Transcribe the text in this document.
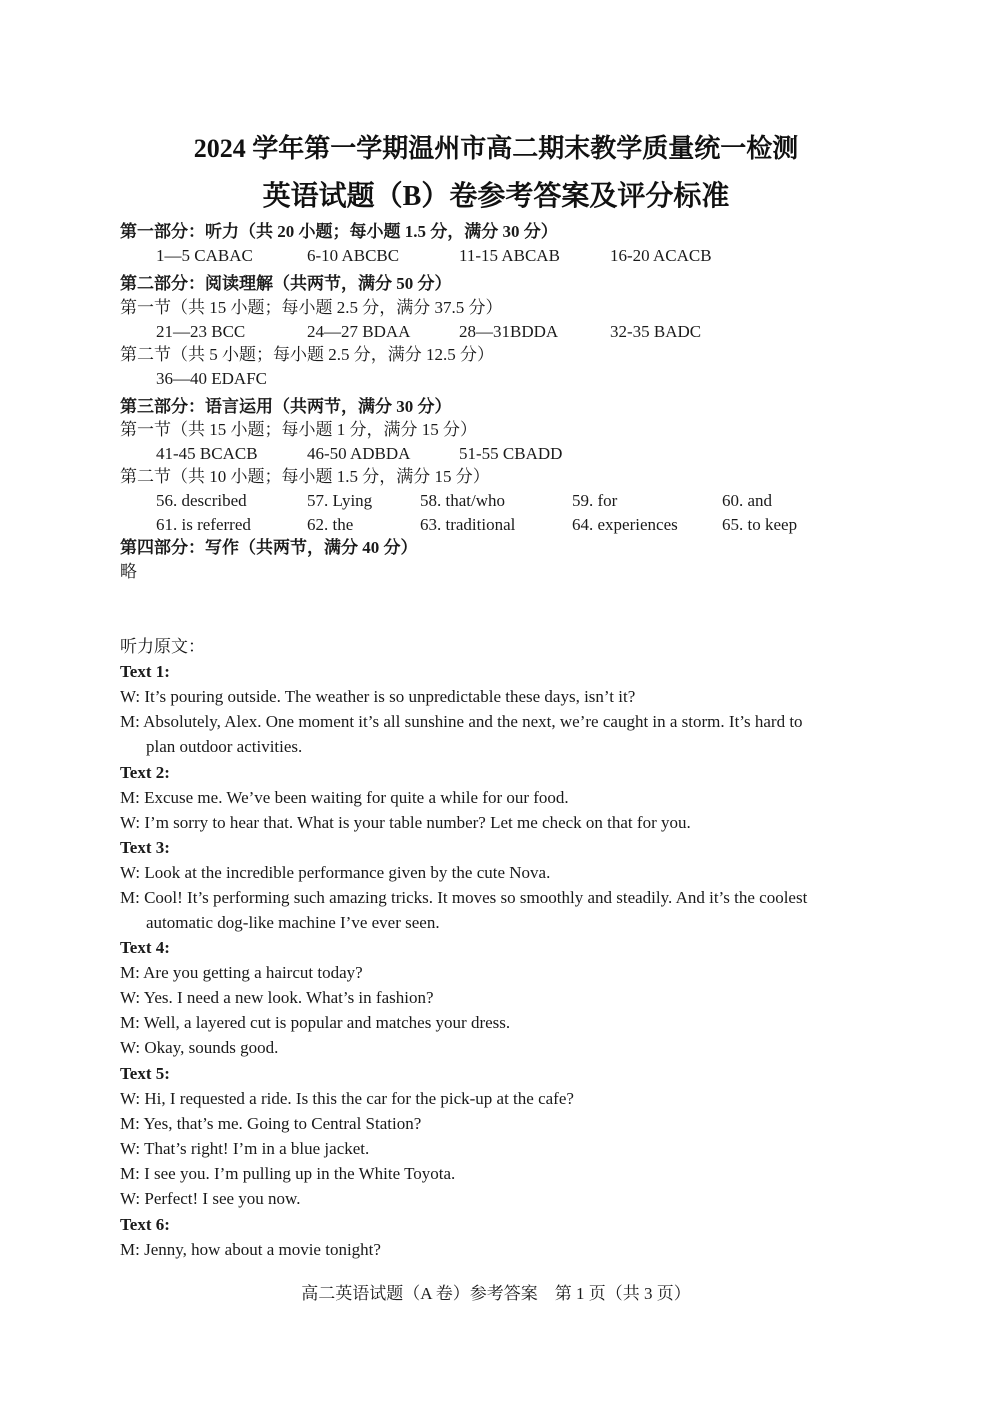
2024 学年第一学期温州市高二期末教学质量统一检测
英语试题（B）卷参考答案及评分标准
第一部分：听力（共 20 小题；每小题 1.5 分，满分 30 分）
1—5 CABAC	6-10 ABCBC	11-15 ABCAB	16-20 ACACB
第二部分：阅读理解（共两节，满分 50 分）
第一节（共 15 小题；每小题 2.5 分，满分 37.5 分）
21—23 BCC	24—27 BDAA	28—31BDDA	32-35 BADC
第二节（共 5 小题；每小题 2.5 分，满分 12.5 分）
36—40 EDAFC
第三部分：语言运用（共两节，满分 30 分）
第一节（共 15 小题；每小题 1 分，满分 15 分）
41-45 BCACB	46-50 ADBDA	51-55 CBADD
第二节（共 10 小题；每小题 1.5 分，满分 15 分）
56. described	57. Lying	58. that/who	59. for	60. and
61. is referred	62. the	63. traditional	64. experiences	65. to keep
第四部分：写作（共两节，满分 40 分）
略
听力原文：
Text 1:
W: It’s pouring outside. The weather is so unpredictable these days, isn’t it?
M: Absolutely, Alex. One moment it’s all sunshine and the next, we’re caught in a storm. It’s hard to
plan outdoor activities.
Text 2:
M: Excuse me. We’ve been waiting for quite a while for our food.
W: I’m sorry to hear that. What is your table number? Let me check on that for you.
Text 3:
W: Look at the incredible performance given by the cute Nova.
M: Cool! It’s performing such amazing tricks. It moves so smoothly and steadily. And it’s the coolest
automatic dog-like machine I’ve ever seen.
Text 4:
M: Are you getting a haircut today?
W: Yes. I need a new look. What’s in fashion?
M: Well, a layered cut is popular and matches your dress.
W: Okay, sounds good.
Text 5:
W: Hi, I requested a ride. Is this the car for the pick-up at the cafe?
M: Yes, that’s me. Going to Central Station?
W: That’s right! I’m in a blue jacket.
M: I see you. I’m pulling up in the White Toyota.
W: Perfect! I see you now.
Text 6:
M: Jenny, how about a movie tonight?
高二英语试题（A 卷）参考答案　第 1 页（共 3 页）
